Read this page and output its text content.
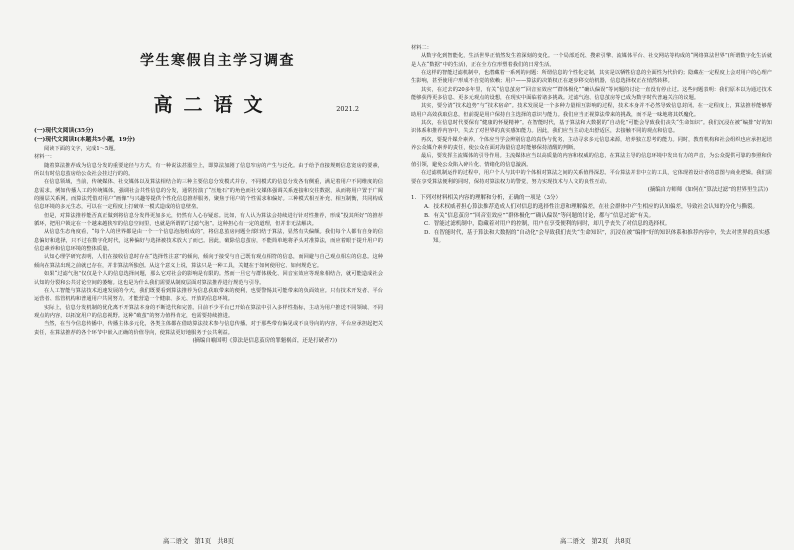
学生寒假自主学习调查
高二语文	2021.2

(一)现代文阅读(35分)

(一)现代文阅读Ⅰ(本题共5小题，19分)

阅读下面的文字，完成1～5题。

材料一：

随着算法推荐成为信息分发的重要途径与方式，有一种说法甚嚣尘上，即算法加剧了信息窄房的产生与泛化。由于给予直接规则信息宽房的要素，所以有时信息茧房给公众社会挂过行的的。

在信息领域，当前，传统媒体、社交媒体以及算法相结合的三种主要信息分发模式并存，不同模式的信息分发各有侧重，满足着用户不同维度的信息需求。例如传播人工的传统媒体，强调社会共性信息的分发，通常扮演了“压舱石”的角色而社交媒体强调关系连接和交往数据，从而将用户置于广阔的圈层关系网。而算法凭借对用户“画像”与兴趣等提供个性化信息推荐服务，聚焦于用户的个性需求和偏好。三种模式相互补充、相互制衡，共同构成信息环境的多元生态，可以在一定程度上打破单一模式造成的信息壁垒。

但是，对算法推荐能否真正做到将信息分发得更加多元，仍然有人心存疑虑。比如，有人认为算法会持续进行针对性推荐，形成“投其所好”的推荐循环，把用户锁定在一个越来越狭窄的信息空间里，也就是所谓的“过滤气泡”。这种担心有一定的道理，但并非无法解决。

从信息生态角度看，“每个人的世界都是由一个一个信息泡泡组成的”，将信息茧房问题全部归结于算法，显然有失偏颇。我们每个人都有自身的信息偏好和选择，只不过在数字化时代，这种偏好与选择被技术放大了而已。因此，破除信息茧房，不能简单地将矛头对准算法，而应着眼于提升用户的信息素养和信息环境的整体质量。

认知心理学研究表明，人们在接收信息时存在“选择性注意”的倾向，倾向于接受与自己既有观点相符的信息，而回避与自己观点相左的信息。这种倾向在算法出现之前就已存在，并非算法所独创。从这个意义上说，算法只是一种工具，关键在于如何使用它、如何规范它。

如果“过滤气泡”仅仅是个人的信息选择问题，那么它对社会的影响是有限的。然而一旦它与群体极化、回音室效应等现象相结合，就可能造成社会认知的分裂和公共讨论空间的萎缩。这也是为什么我们需要从制度层面对算法推荐进行规范与引导。

在人工智能与算法技术迅速发展的今天，我们既要看到算法推荐为信息获取带来的便利，也要警惕其可能带来的负面效应。只有技术开发者、平台运营者、监管机构和普通用户共同努力，才能营造一个健康、多元、开放的信息环境。

实际上，信息分发机制的优化离不开算法本身的不断迭代和完善。目前不少平台已开始在算法中引入多样性指标，主动为用户推送不同领域、不同观点的内容，以拓宽用户的信息视野。这种“破茧”的努力值得肯定，也需要持续推进。

当然，在当今信息传播中，传播主体多元化，各类主体都在借助算法技术参与信息传播。对于那些带有偏见或不良导向的内容，平台应承担起把关责任，在算法推荐的各个环节中嵌入正确的价值导向，使算法更好地服务于公共利益。

(摘编自喻国明《算法是信息茧房的罪魁祸首，还是打破者?》)

高二语文　第1页　共8页

材料二：

从数字化到智能化，生活世界正悄然发生着深刻的变化。一个局部近况、搜索引擎、流媒体平台、社交网站等构成的“网络算法世界”(所谓数字化生活就是人在“数据”中的生活)，正在全方位形塑着我们的日常生活。

在这样的智能过滤机制中，也潜藏着一系列的问题：所谓信息的个性化定制，其实是以牺牲信息的全面性为代价的；隐藏在一定程度上会对用户的心理产生影响，甚至使用户形成不自觉的依赖；用户——算法的决策权正在逐步移交给机器，信息选择权正在悄然转移。

其实，在过去的20多年里，有关“信息茧房”“回音室效应”“群体极化”“确认偏误”等问题的讨论一直没有停止过。这些问题表明：我们原本以为通过技术能够获得更多信息、更多元观点的设想，在现实中面临着诸多挑战。过滤气泡、信息茧房等已成为数字时代普遍关注的议题。

其实，要分清“技术趋势”与“技术宿命”。技术发展是一个多种力量相互影响的过程，技术本身并不必然导致信息封闭。在一定程度上，算法推荐能够帮助用户高效获取信息，但前提是用户保持自主选择的意识与能力。我们应当正视算法带来的挑战，而不是一味地将其妖魔化。

其次，在信息时代要保有“健康的怀疑精神”。在智能时代，基于算法和大数据的“自动化”可能会导致我们丧失“生命知识”。我们沉浸在被“编排”好的知识体系和推荐内容中，失去了对世界的真实感知能力。因此，我们应当主动走出舒适区，去接触不同的观点和信息。

再次，要提升媒介素养。个体应当学会辨别信息的真伪与优劣，主动寻求多元信息来源，培养独立思考的能力。同时，教育机构和社会组织也应承担起培养公众媒介素养的责任，使公众在面对海量信息时能够保持清醒的判断。

最后，要发挥主流媒体的引导作用。主流媒体应当以高质量的内容和权威的信息，在算法主导的信息环境中发出有力的声音，为公众提供可靠的参照和价值引领，避免公众陷入碎片化、情绪化的信息漩涡。

在过滤机制运作的过程中，用户个人与其中的个体相对算法之间的关系值得深思。平台算法并非中立的工具，它体现着设计者的意图与商业逻辑。我们需要在享受算法便利的同时，保持对算法权力的警觉，努力实现技术与人文的良性互动。

(摘编自方师师《如何在“算法过滤”的世界里生活》)

1．下列对材料相关内容的理解和分析，正确的一项是（3分）

A．技术权威者担心算法推荐造成人们对信息的选择性注意和理解偏差，在社会群体中产生相应的认知偏差，导致社会认知的分化与撕裂。

B．有关“信息茧房”“回音室效应”“群体极化”“确认偏误”等问题的讨论，都与“信息过滤”有关。

C．智能过滤机制中，隐藏着对用户的控制，用户在享受便利的同时，却几乎丧失了对信息的选择权。

D．在智能时代，基于算法和大数据的“自动化”会导致我们丧失“生命知识”，沉浸在被“编排”好的知识体系和推荐内容中，失去对世界的真实感知。

高二语文　第2页　共8页
